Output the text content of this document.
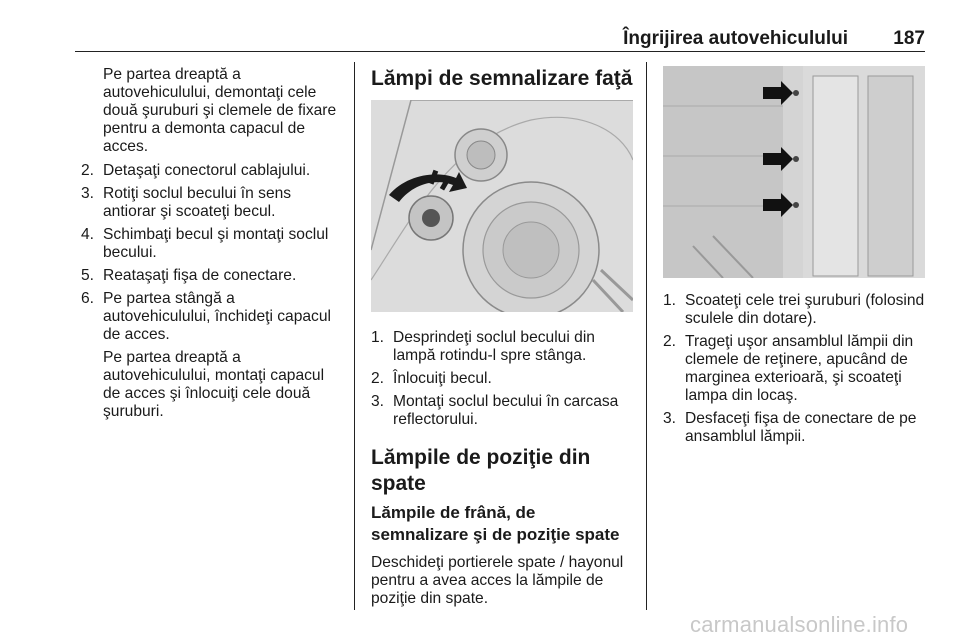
Îngrijirea autovehiculului 187

Pe partea dreaptă a autovehiculului, demontaţi cele două şuruburi şi clemele de fixare pentru a demonta capacul de acces.

2. Detaşaţi conectorul cablajului.
3. Rotiţi soclul becului în sens antiorar şi scoateţi becul.
4. Schimbaţi becul şi montaţi soclul becului.
5. Reataşaţi fişa de conectare.
6. Pe partea stângă a autovehiculului, închideţi capacul de acces.

Pe partea dreaptă a autovehiculului, montaţi capacul de acces şi înlocuiţi cele două şuruburi.

Lămpi de semnalizare faţă
1. Desprindeţi soclul becului din lampă rotindu-l spre stânga.
2. Înlocuiţi becul.
3. Montaţi soclul becului în carcasa reflectorului.
Lămpile de poziţie din spate
Lămpile de frână, de semnalizare şi de poziţie spate

Deschideţi portierele spate / hayonul pentru a avea acces la lămpile de poziţie din spate.

1. Scoateţi cele trei şuruburi (folosind sculele din dotare).
2. Trageţi uşor ansamblul lămpii din clemele de reţinere, apucând de marginea exterioară, şi scoateţi lampa din locaş.
3. Desfaceţi fişa de conectare de pe ansamblul lămpii.
carmanualsonline.info
